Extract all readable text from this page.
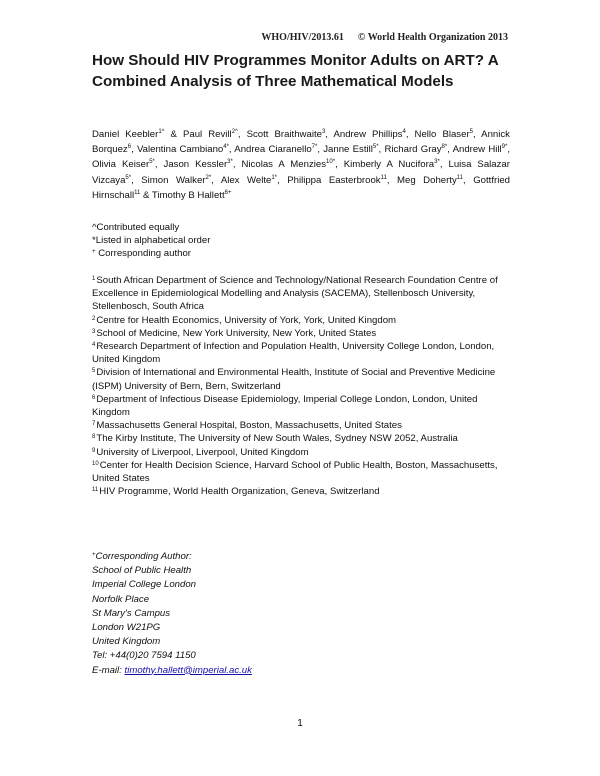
WHO/HIV/2013.61 © World Health Organization 2013
How Should HIV Programmes Monitor Adults on ART? A Combined Analysis of Three Mathematical Models
Daniel Keebler$^{1\^{}}$ & Paul Revill$^{2\^{}}$, Scott Braithwaite$^3$, Andrew Phillips$^4$, Nello Blaser$^5$, Annick Borquez$^6$, Valentina Cambiano$^{4*}$, Andrea Ciaranello$^{7*}$, Janne Estill$^{5*}$, Richard Gray$^{8*}$, Andrew Hill$^{9*}$, Olivia Keiser$^{5*}$, Jason Kessler$^{3*}$, Nicolas A Menzies$^{10*}$, Kimberly A Nucifora$^{3*}$, Luisa Salazar Vizcaya$^{5*}$, Simon Walker$^{2*}$, Alex Welte$^{1*}$, Philippa Easterbrook$^{11}$, Meg Doherty$^{11}$, Gottfried Hirnschall$^{11}$ & Timothy B Hallett$^{6+}$
^Contributed equally
*Listed in alphabetical order
+ Corresponding author

$^1$South African Department of Science and Technology/National Research Foundation Centre of Excellence in Epidemiological Modelling and Analysis (SACEMA), Stellenbosch University, Stellenbosch, South Africa

$^2$Centre for Health Economics, University of York, York, United Kingdom

$^3$School of Medicine, New York University, New York, United States

$^4$Research Department of Infection and Population Health, University College London, London, United Kingdom

$^5$Division of International and Environmental Health, Institute of Social and Preventive Medicine (ISPM) University of Bern, Bern, Switzerland

$^6$Department of Infectious Disease Epidemiology, Imperial College London, London, United Kingdom

$^7$Massachusetts General Hospital, Boston, Massachusetts, United States

$^8$The Kirby Institute, The University of New South Wales, Sydney NSW 2052, Australia

$^9$University of Liverpool, Liverpool, United Kingdom

$^{10}$Center for Health Decision Science, Harvard School of Public Health, Boston, Massachusetts, United States

$^{11}$HIV Programme, World Health Organization, Geneva, Switzerland

+Corresponding Author:
School of Public Health
Imperial College London
Norfolk Place
St Mary's Campus
London W21PG
United Kingdom
Tel: +44(0)20 7594 1150
E-mail: timothy.hallett@imperial.ac.uk
1
